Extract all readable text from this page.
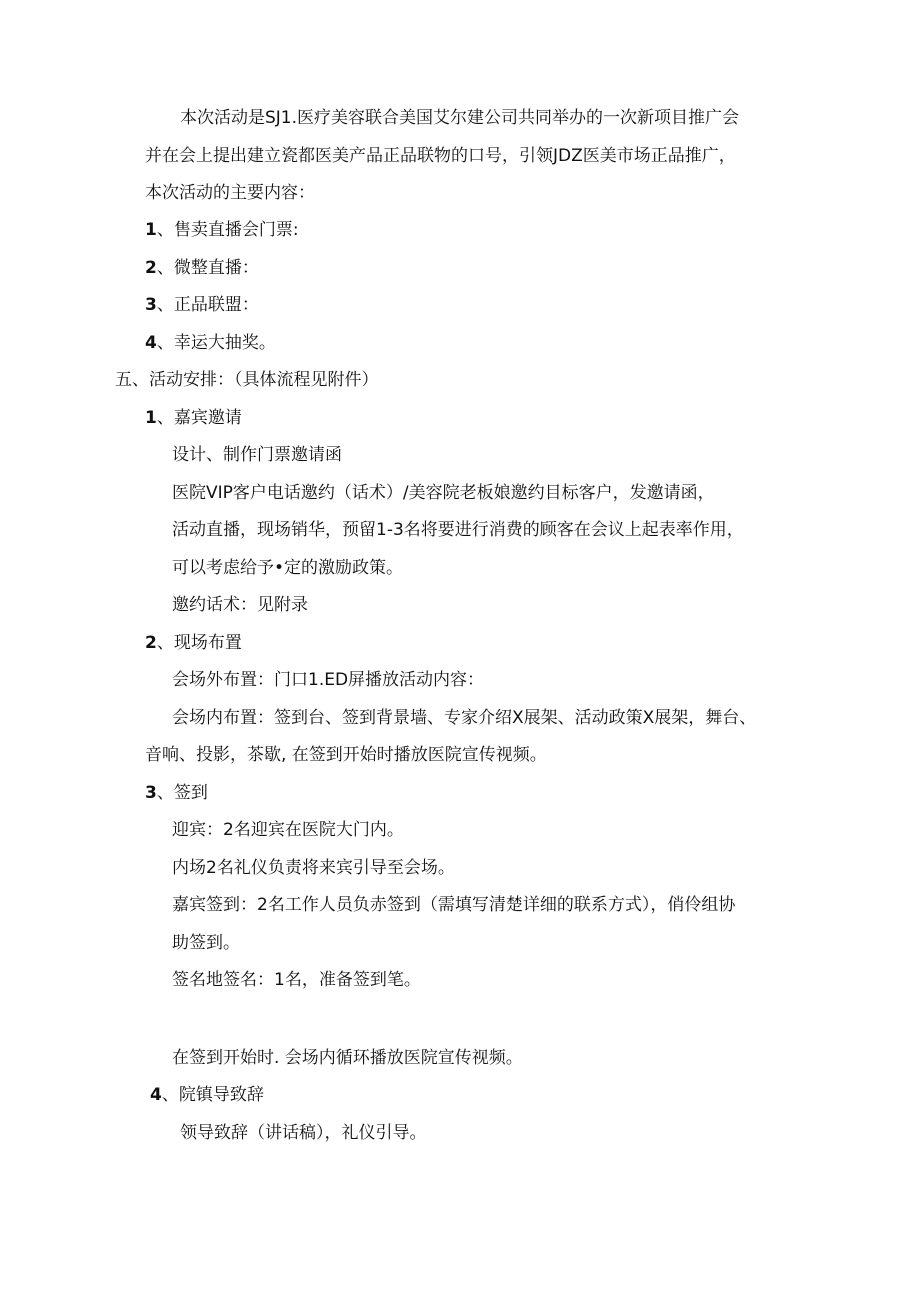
本次活动是SJ1.医疗美容联合美国艾尔建公司共同举办的一次新项目推广会
并在会上提出建立瓷都医美产品正品联物的口号，引领JDZ医美市场正品推广，
本次活动的主要内容：
1、售卖直播会门票:
2、微整直播：
3、正品联盟：
4、幸运大抽奖。
五、活动安排：（具体流程见附件）
1、嘉宾邀请
设计、制作门票邀请函
医院VIP客户电话邀约（话术）/美容院老板娘邀约目标客户，发邀请函，
活动直播，现场销华，预留1-3名将要进行消费的顾客在会议上起表率作用，
可以考虑给予•定的激励政策。
邀约话术：见附录
2、现场布置
会场外布置：门口1.ED屏播放活动内容：
会场内布置：签到台、签到背景墙、专家介绍X展架、活动政策X展架，舞台、
音响、投影，茶歇, 在签到开始时播放医院宣传视频。
3、签到
迎宾：2名迎宾在医院大门内。
内场2名礼仪负责将来宾引导至会场。
嘉宾签到：2名工作人员负赤签到（需填写清楚详细的联系方式），俏伶组协
助签到。
签名地签名：1名，准备签到笔。
在签到开始时. 会场内循环播放医院宣传视频。
4、院镇导致辞
领导致辞（讲话稿），礼仪引导。
